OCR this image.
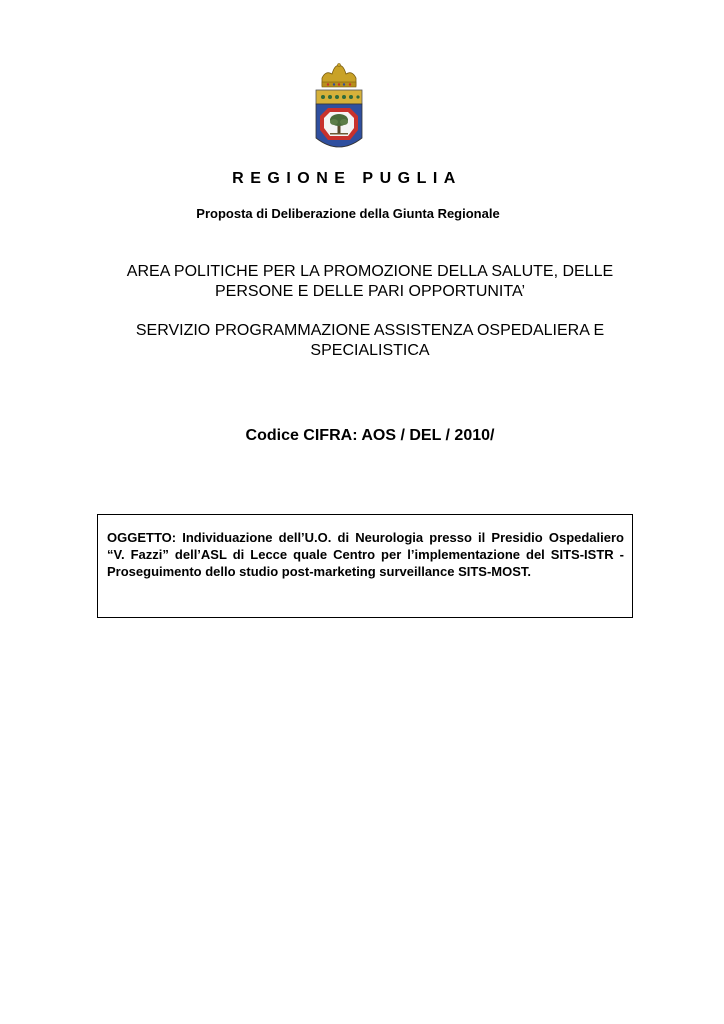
REGIONE PUGLIA
Proposta di Deliberazione della Giunta Regionale
AREA POLITICHE PER LA PROMOZIONE DELLA SALUTE, DELLE
PERSONE E DELLE PARI OPPORTUNITA’
SERVIZIO PROGRAMMAZIONE ASSISTENZA OSPEDALIERA E
SPECIALISTICA
Codice CIFRA: AOS / DEL / 2010/

OGGETTO: Individuazione dell’U.O. di Neurologia presso il Presidio Ospedaliero “V. Fazzi” dell’ASL di Lecce quale Centro per l’implementazione del SITS-ISTR - Proseguimento dello studio post-marketing surveillance SITS-MOST.
